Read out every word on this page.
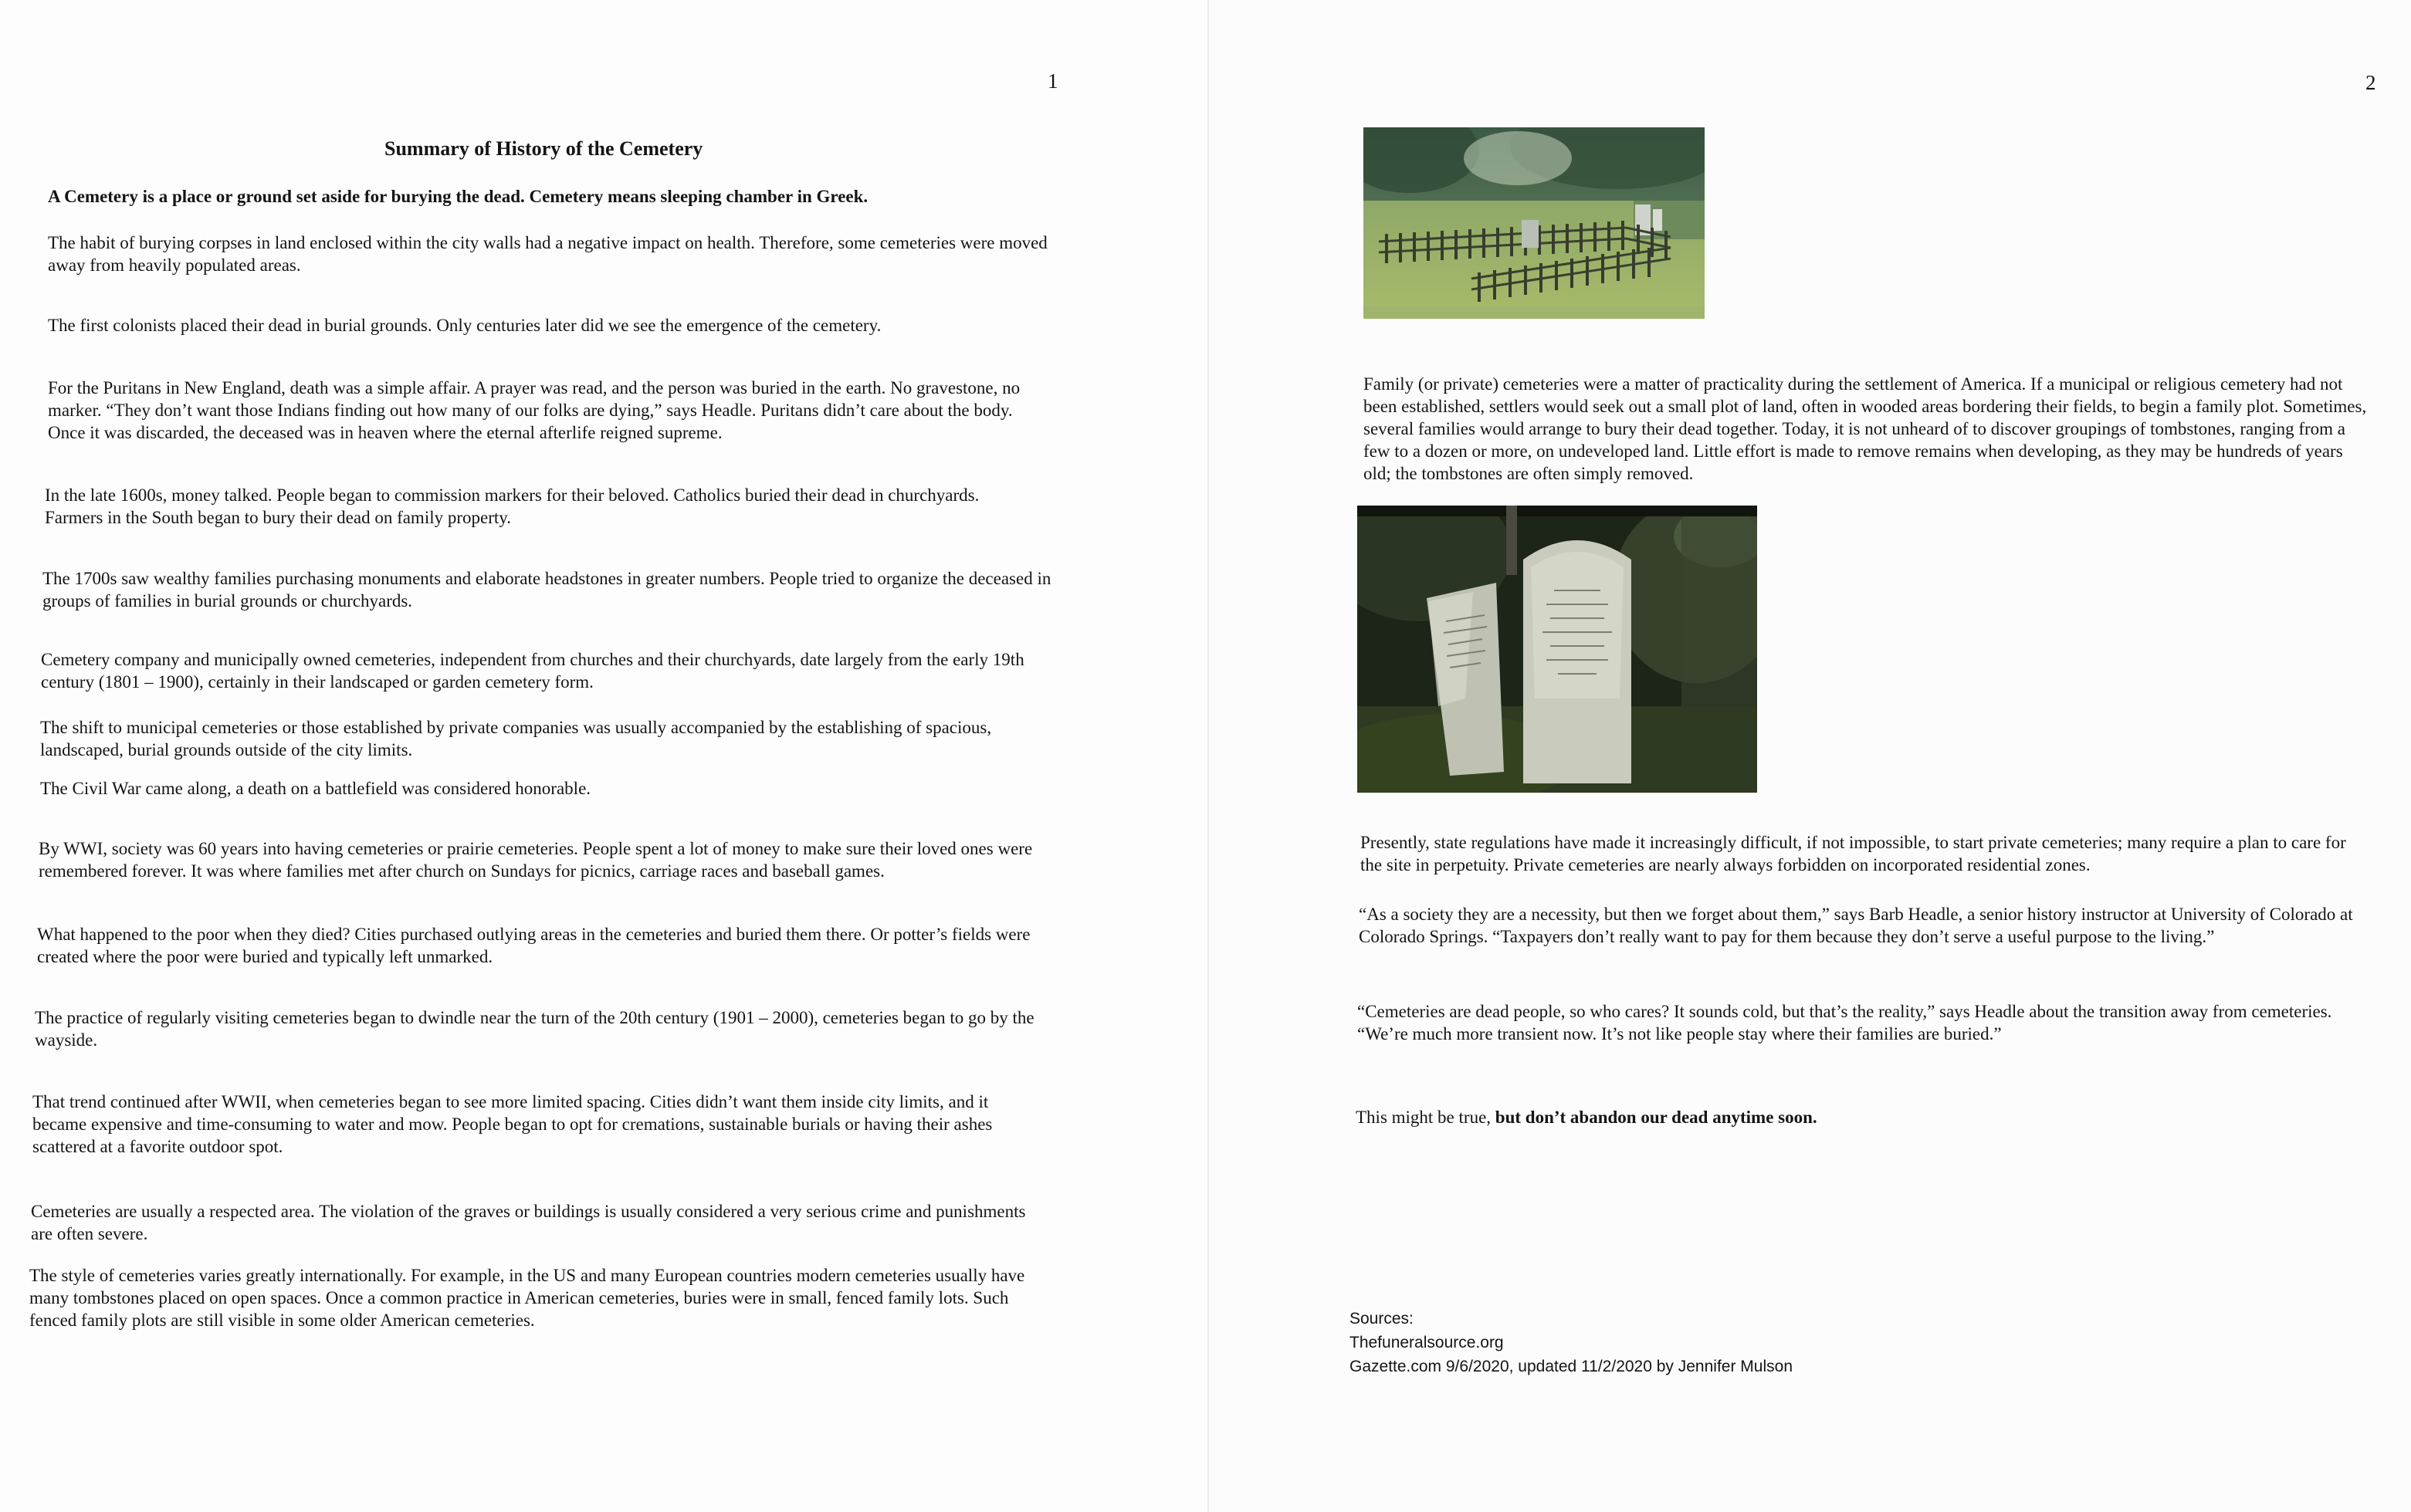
1
Summary of History of the Cemetery
A Cemetery is a place or ground set aside for burying the dead. Cemetery means sleeping chamber in Greek.
The habit of burying corpses in land enclosed within the city walls had a negative impact on health. Therefore, some cemeteries were moved away from heavily populated areas.
The first colonists placed their dead in burial grounds. Only centuries later did we see the emergence of the cemetery.
For the Puritans in New England, death was a simple affair. A prayer was read, and the person was buried in the earth. No gravestone, no marker. “They don’t want those Indians finding out how many of our folks are dying,” says Headle. Puritans didn’t care about the body. Once it was discarded, the deceased was in heaven where the eternal afterlife reigned supreme.
In the late 1600s, money talked. People began to commission markers for their beloved. Catholics buried their dead in churchyards. Farmers in the South began to bury their dead on family property.
The 1700s saw wealthy families purchasing monuments and elaborate headstones in greater numbers. People tried to organize the deceased in groups of families in burial grounds or churchyards.
Cemetery company and municipally owned cemeteries, independent from churches and their churchyards, date largely from the early 19th century (1801 – 1900), certainly in their landscaped or garden cemetery form.
The shift to municipal cemeteries or those established by private companies was usually accompanied by the establishing of spacious, landscaped, burial grounds outside of the city limits.
The Civil War came along, a death on a battlefield was considered honorable.
By WWI, society was 60 years into having cemeteries or prairie cemeteries. People spent a lot of money to make sure their loved ones were remembered forever. It was where families met after church on Sundays for picnics, carriage races and baseball games.
What happened to the poor when they died? Cities purchased outlying areas in the cemeteries and buried them there. Or potter’s fields were created where the poor were buried and typically left unmarked.
The practice of regularly visiting cemeteries began to dwindle near the turn of the 20th century (1901 – 2000), cemeteries began to go by the wayside.
That trend continued after WWII, when cemeteries began to see more limited spacing. Cities didn’t want them inside city limits, and it became expensive and time-consuming to water and mow. People began to opt for cremations, sustainable burials or having their ashes scattered at a favorite outdoor spot.
Cemeteries are usually a respected area. The violation of the graves or buildings is usually considered a very serious crime and punishments are often severe.
The style of cemeteries varies greatly internationally. For example, in the US and many European countries modern cemeteries usually have many tombstones placed on open spaces. Once a common practice in American cemeteries, buries were in small, fenced family lots. Such fenced family plots are still visible in some older American cemeteries.
2
Family (or private) cemeteries were a matter of practicality during the settlement of America. If a municipal or religious cemetery had not been established, settlers would seek out a small plot of land, often in wooded areas bordering their fields, to begin a family plot. Sometimes, several families would arrange to bury their dead together. Today, it is not unheard of to discover groupings of tombstones, ranging from a few to a dozen or more, on undeveloped land. Little effort is made to remove remains when developing, as they may be hundreds of years old; the tombstones are often simply removed.
Presently, state regulations have made it increasingly difficult, if not impossible, to start private cemeteries; many require a plan to care for the site in perpetuity. Private cemeteries are nearly always forbidden on incorporated residential zones.
“As a society they are a necessity, but then we forget about them,” says Barb Headle, a senior history instructor at University of Colorado at Colorado Springs. “Taxpayers don’t really want to pay for them because they don’t serve a useful purpose to the living.”
“Cemeteries are dead people, so who cares? It sounds cold, but that’s the reality,” says Headle about the transition away from cemeteries. “We’re much more transient now. It’s not like people stay where their families are buried.”
This might be true, but don’t abandon our dead anytime soon.
Sources:
Thefuneralsource.org
Gazette.com 9/6/2020, updated 11/2/2020 by Jennifer Mulson
